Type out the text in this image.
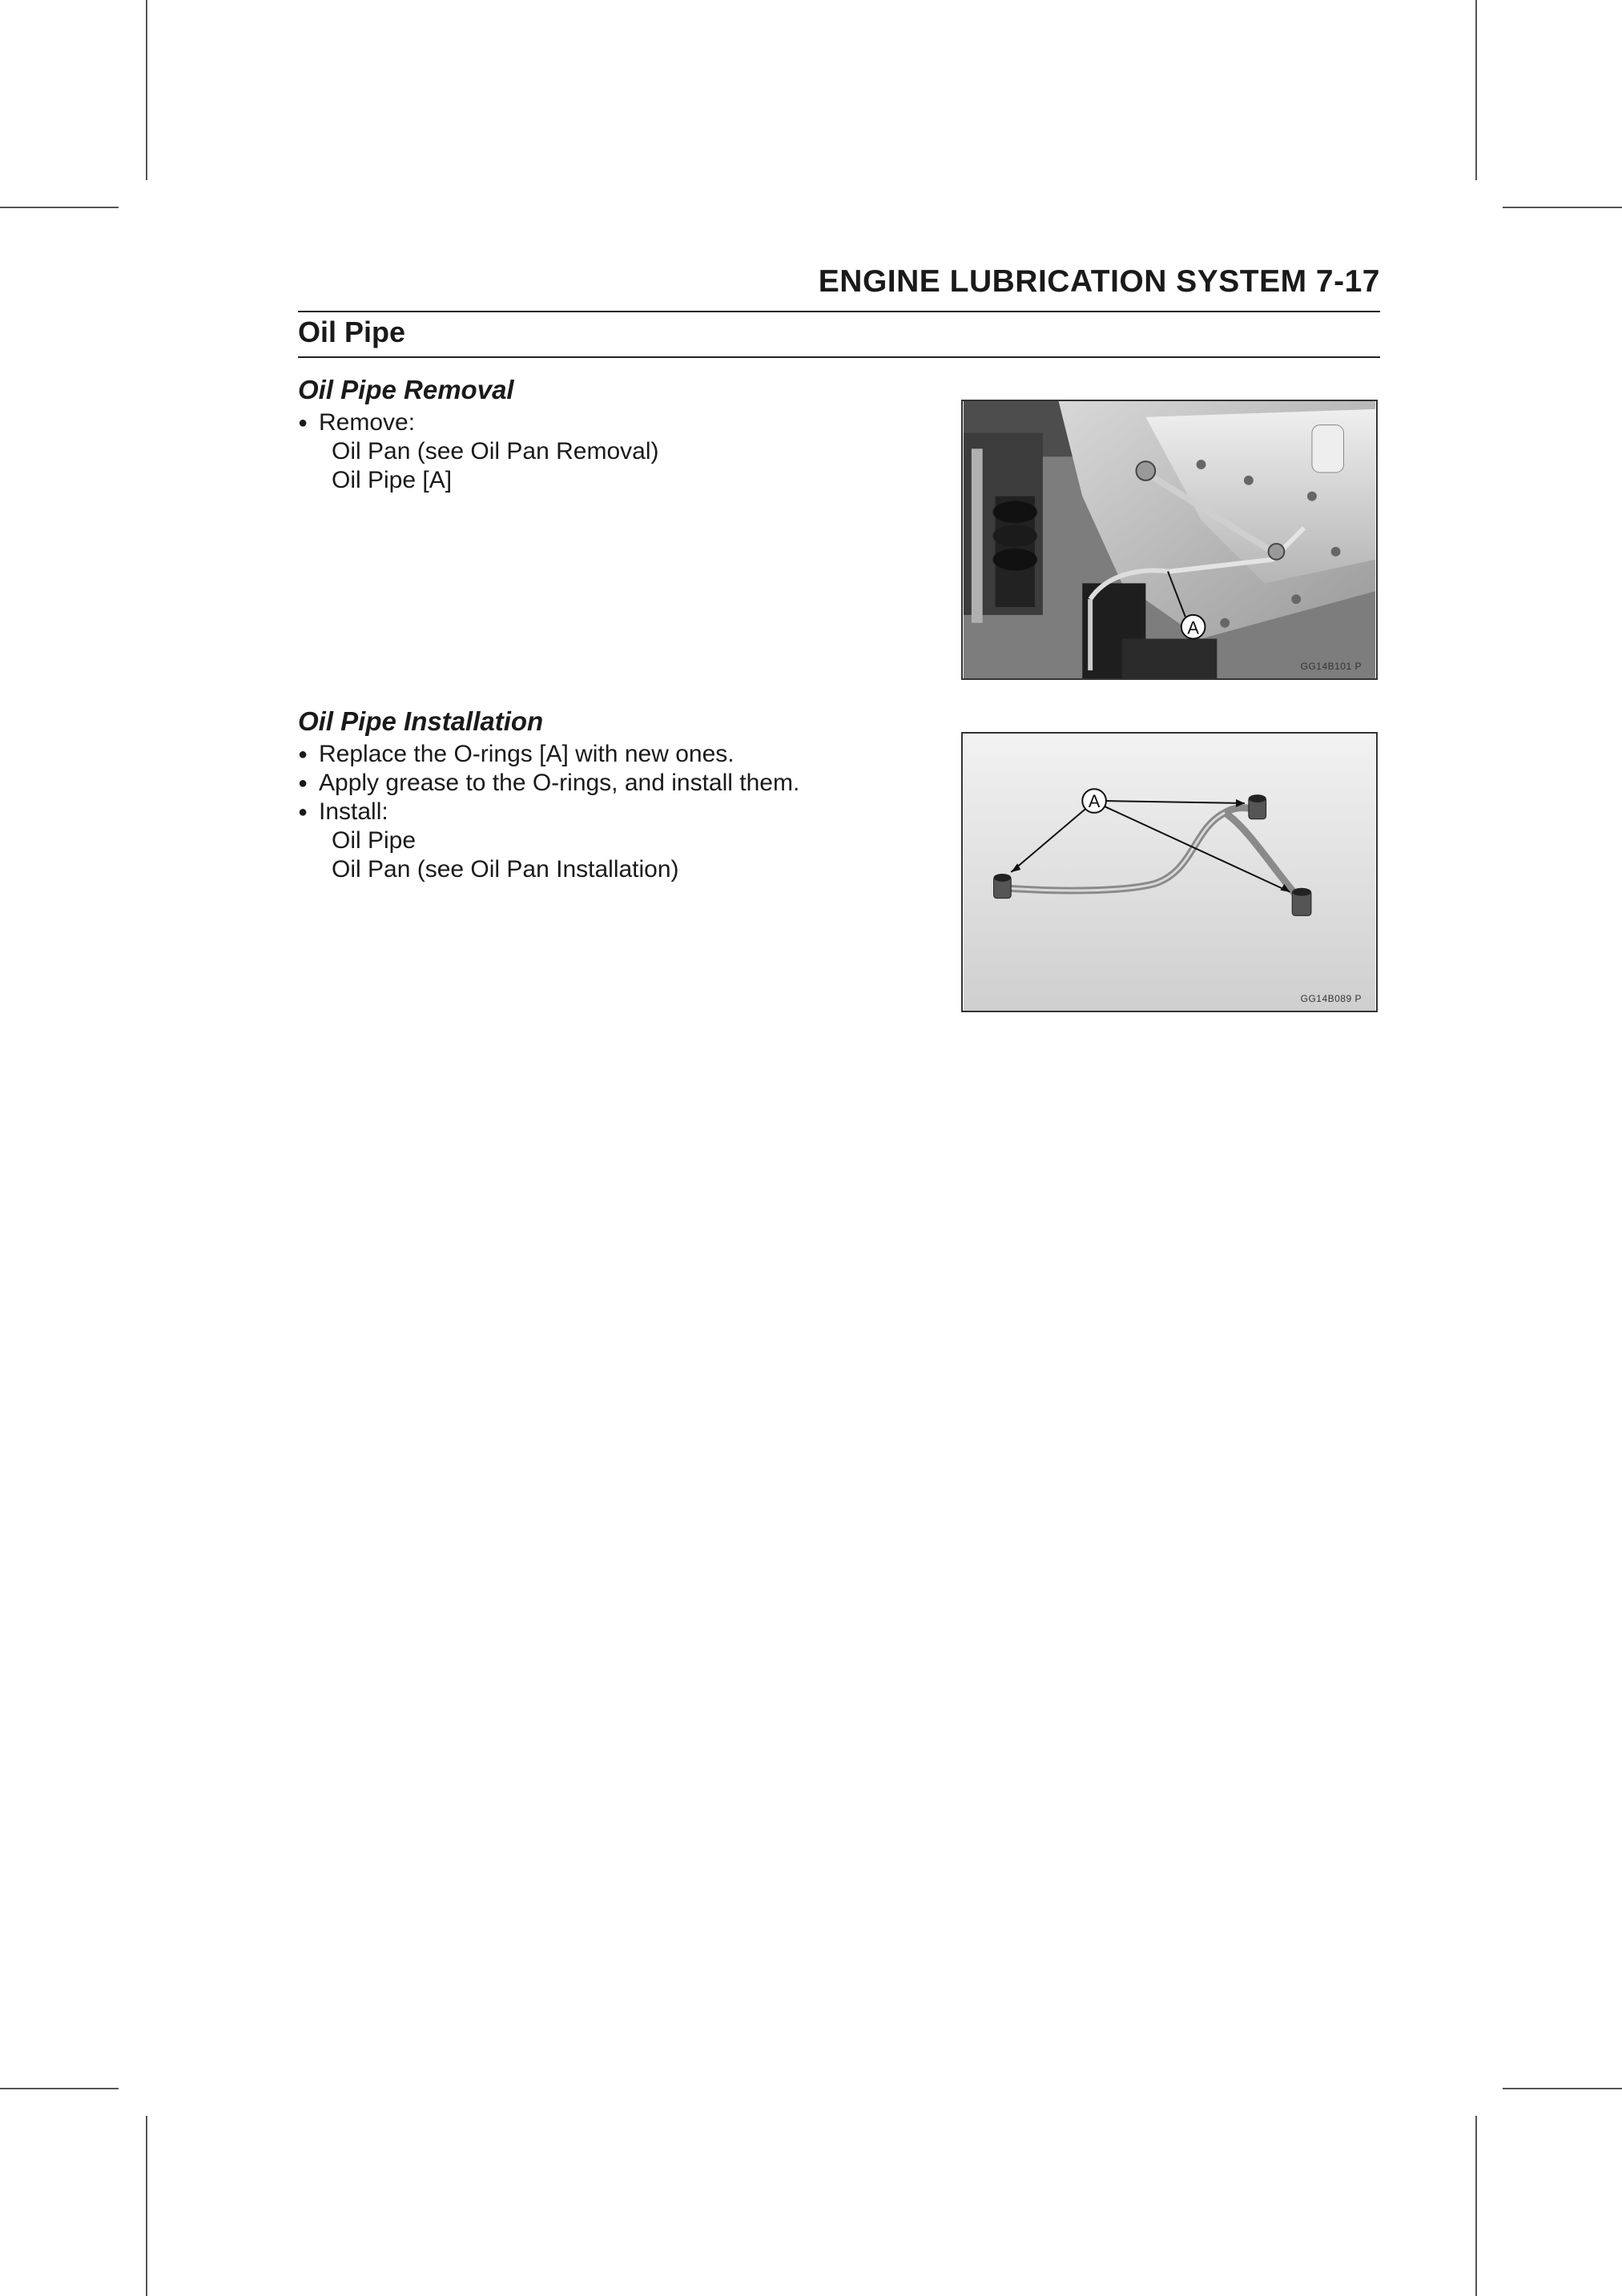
ENGINE LUBRICATION SYSTEM 7-17
Oil Pipe
Oil Pipe Removal
● Remove:
Oil Pan (see Oil Pan Removal)
Oil Pipe [A]
A
GG14B101 P
Oil Pipe Installation
● Replace the O-rings [A] with new ones.
● Apply grease to the O-rings, and install them.
● Install:
Oil Pipe
Oil Pan (see Oil Pan Installation)
A
GG14B089 P
